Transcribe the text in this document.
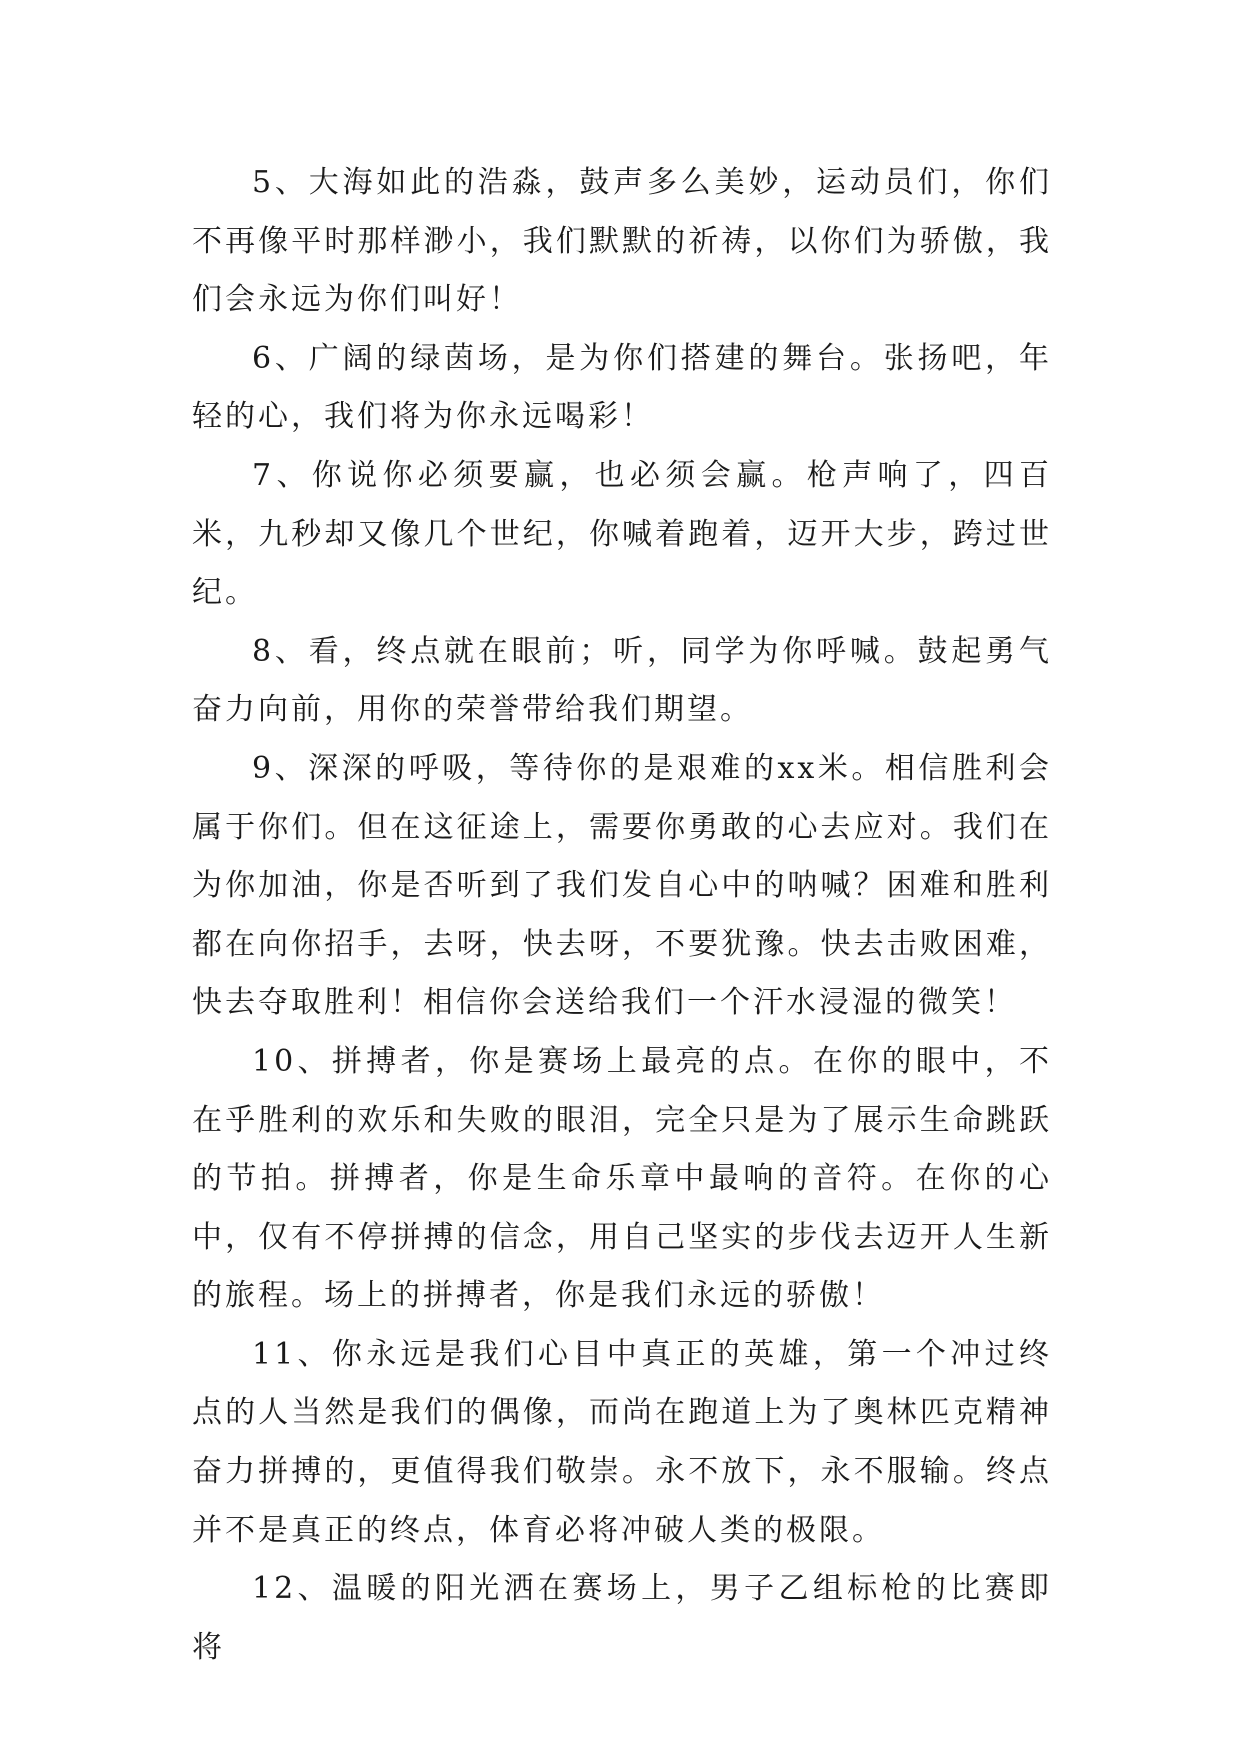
5、大海如此的浩淼，鼓声多么美妙，运动员们，你们不再像平时那样渺小，我们默默的祈祷，以你们为骄傲，我们会永远为你们叫好！

6、广阔的绿茵场，是为你们搭建的舞台。张扬吧，年轻的心，我们将为你永远喝彩！

7、你说你必须要赢，也必须会赢。枪声响了，四百米，九秒却又像几个世纪，你喊着跑着，迈开大步，跨过世纪。

8、看，终点就在眼前；听，同学为你呼喊。鼓起勇气奋力向前，用你的荣誉带给我们期望。

9、深深的呼吸，等待你的是艰难的xx米。相信胜利会属于你们。但在这征途上，需要你勇敢的心去应对。我们在为你加油，你是否听到了我们发自心中的呐喊？困难和胜利都在向你招手，去呀，快去呀，不要犹豫。快去击败困难，快去夺取胜利！相信你会送给我们一个汗水浸湿的微笑！

10、拼搏者，你是赛场上最亮的点。在你的眼中，不在乎胜利的欢乐和失败的眼泪，完全只是为了展示生命跳跃的节拍。拼搏者，你是生命乐章中最响的音符。在你的心中，仅有不停拼搏的信念，用自己坚实的步伐去迈开人生新的旅程。场上的拼搏者，你是我们永远的骄傲！

11、你永远是我们心目中真正的英雄，第一个冲过终点的人当然是我们的偶像，而尚在跑道上为了奥林匹克精神奋力拼搏的，更值得我们敬崇。永不放下，永不服输。终点并不是真正的终点，体育必将冲破人类的极限。

12、温暖的阳光洒在赛场上，男子乙组标枪的比赛即将
